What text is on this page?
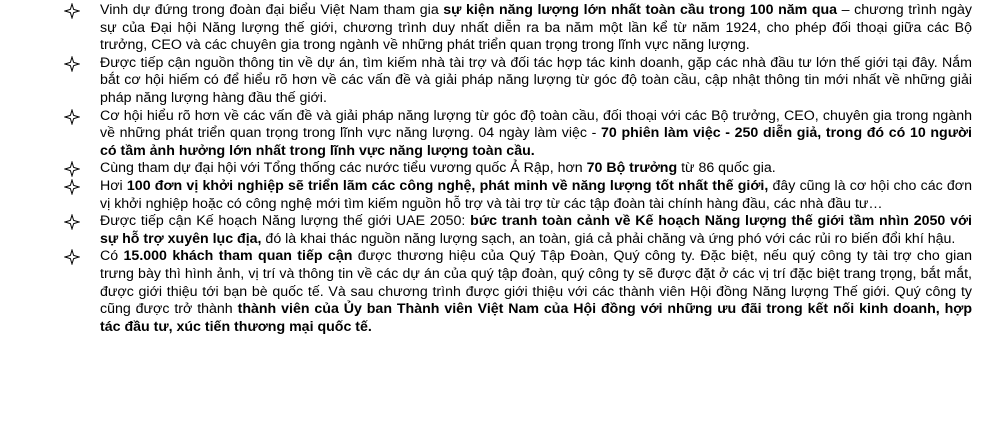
Vinh dự đứng trong đoàn đại biểu Việt Nam tham gia sự kiện năng lượng lớn nhất toàn cầu trong 100 năm qua – chương trình ngày sự của Đại hội Năng lượng thế giới, chương trình duy nhất diễn ra ba năm một lần kể từ năm 1924, cho phép đối thoại giữa các Bộ trưởng, CEO và các chuyên gia trong ngành về những phát triển quan trọng trong lĩnh vực năng lượng.
Được tiếp cận nguồn thông tin về dự án, tìm kiếm nhà tài trợ và đối tác hợp tác kinh doanh, gặp các nhà đầu tư lớn thế giới tại đây. Nắm bắt cơ hội hiếm có để hiểu rõ hơn về các vấn đề và giải pháp năng lượng từ góc độ toàn cầu, cập nhật thông tin mới nhất về những giải pháp năng lượng hàng đầu thế giới.
Cơ hội hiểu rõ hơn về các vấn đề và giải pháp năng lượng từ góc độ toàn cầu, đối thoại với các Bộ trưởng, CEO, chuyên gia trong ngành về những phát triển quan trọng trong lĩnh vực năng lượng. 04 ngày làm việc - 70 phiên làm việc - 250 diễn giả, trong đó có 10 người có tầm ảnh hưởng lớn nhất trong lĩnh vực năng lượng toàn cầu.
Cùng tham dự đại hội với Tổng thống các nước tiểu vương quốc Ả Rập, hơn 70 Bộ trưởng từ 86 quốc gia.
Hơi 100 đơn vị khởi nghiệp sẽ triển lãm các công nghệ, phát minh về năng lượng tốt nhất thế giới, đây cũng là cơ hội cho các đơn vị khởi nghiệp hoặc có công nghệ mới tìm kiếm nguồn hỗ trợ và tài trợ từ các tập đoàn tài chính hàng đầu, các nhà đầu tư…
Được tiếp cận Kế hoạch Năng lượng thế giới UAE 2050: bức tranh toàn cảnh về Kế hoạch Năng lượng thế giới tầm nhìn 2050 với sự hỗ trợ xuyên lục địa, đó là khai thác nguồn năng lượng sạch, an toàn, giá cả phải chăng và ứng phó với các rủi ro biến đổi khí hậu.
Có 15.000 khách tham quan tiếp cận được thương hiệu của Quý Tập Đoàn, Quý công ty. Đặc biệt, nếu quý công ty tài trợ cho gian trưng bày thì hình ảnh, vị trí và thông tin về các dự án của quý tập đoàn, quý công ty sẽ được đặt ở các vị trí đặc biệt trang trọng, bắt mắt, được giới thiệu tới bạn bè quốc tế. Và sau chương trình được giới thiệu với các thành viên Hội đồng Năng lượng Thế giới. Quý công ty cũng được trở thành thành viên của Ủy ban Thành viên Việt Nam của Hội đồng với những ưu đãi trong kết nối kinh doanh, hợp tác đầu tư, xúc tiến thương mại quốc tế.
